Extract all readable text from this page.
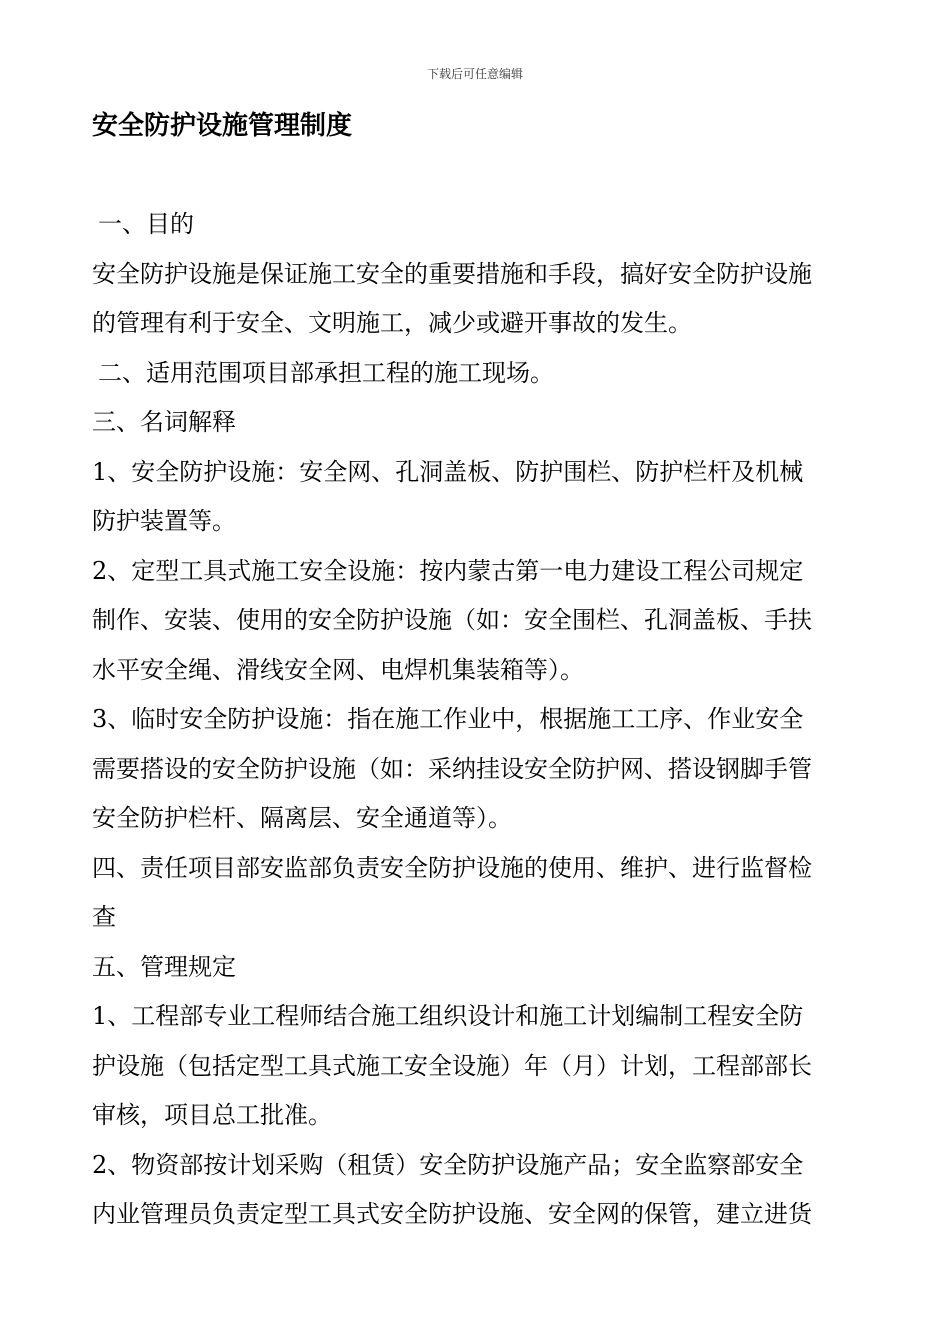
下载后可任意编辑
安全防护设施管理制度
一、目的
安全防护设施是保证施工安全的重要措施和手段，搞好安全防护设施
的管理有利于安全、文明施工，减少或避开事故的发生。
二、适用范围项目部承担工程的施工现场。
三、名词解释
1、安全防护设施：安全网、孔洞盖板、防护围栏、防护栏杆及机械
防护装置等。
2、定型工具式施工安全设施：按内蒙古第一电力建设工程公司规定
制作、安装、使用的安全防护设施（如：安全围栏、孔洞盖板、手扶
水平安全绳、滑线安全网、电焊机集装箱等）。
3、临时安全防护设施：指在施工作业中，根据施工工序、作业安全
需要搭设的安全防护设施（如：采纳挂设安全防护网、搭设钢脚手管
安全防护栏杆、隔离层、安全通道等）。
四、责任项目部安监部负责安全防护设施的使用、维护、进行监督检
查
五、管理规定
1、工程部专业工程师结合施工组织设计和施工计划编制工程安全防
护设施（包括定型工具式施工安全设施）年（月）计划，工程部部长
审核，项目总工批准。
2、物资部按计划采购（租赁）安全防护设施产品；安全监察部安全
内业管理员负责定型工具式安全防护设施、安全网的保管，建立进货
